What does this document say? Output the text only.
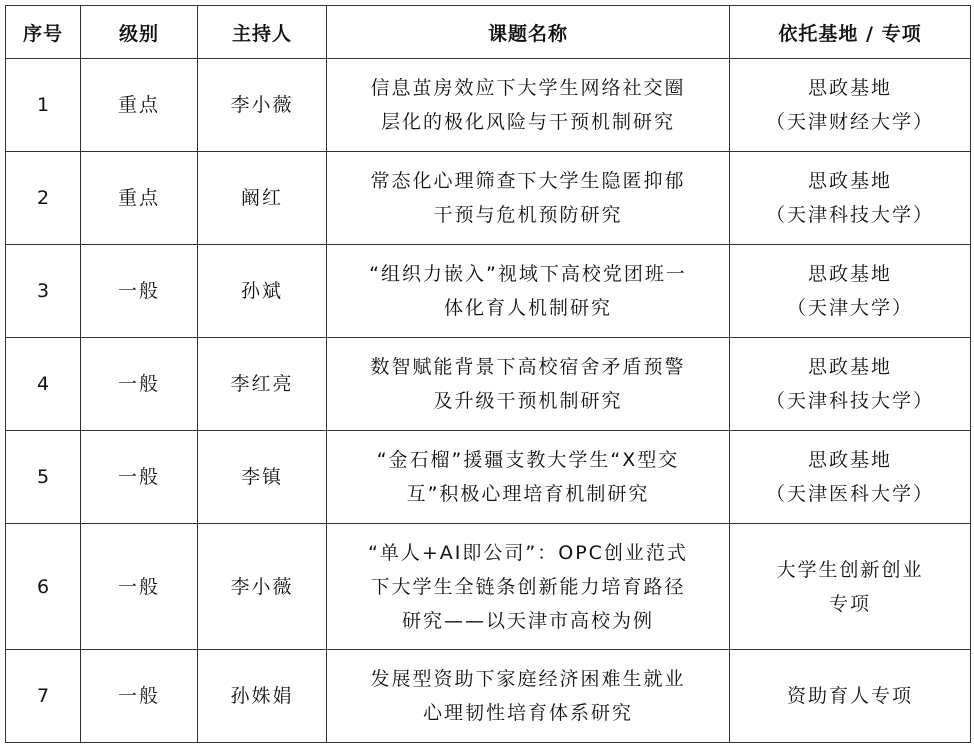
序号	级别	主持人	课题名称	依托基地 / 专项
1	重点	李小薇	信息茧房效应下大学生网络社交圈
层化的极化风险与干预机制研究	思政基地
（天津财经大学）

2	重点	阚红	常态化心理筛查下大学生隐匿抑郁
干预与危机预防研究	思政基地
（天津科技大学）

3	一般	孙斌	“组织力嵌入”视域下高校党团班一
体化育人机制研究	思政基地
（天津大学）

4	一般	李红亮	数智赋能背景下高校宿舍矛盾预警
及升级干预机制研究	思政基地
（天津科技大学）

5	一般	李镇	“金石榴”援疆支教大学生“X型交
互”积极心理培育机制研究	思政基地
（天津医科大学）

6	一般	李小薇	“单人+AI即公司”：OPC创业范式
下大学生全链条创新能力培育路径
研究——以天津市高校为例	大学生创新创业
专项

7	一般	孙姝娟	发展型资助下家庭经济困难生就业
心理韧性培育体系研究	资助育人专项
